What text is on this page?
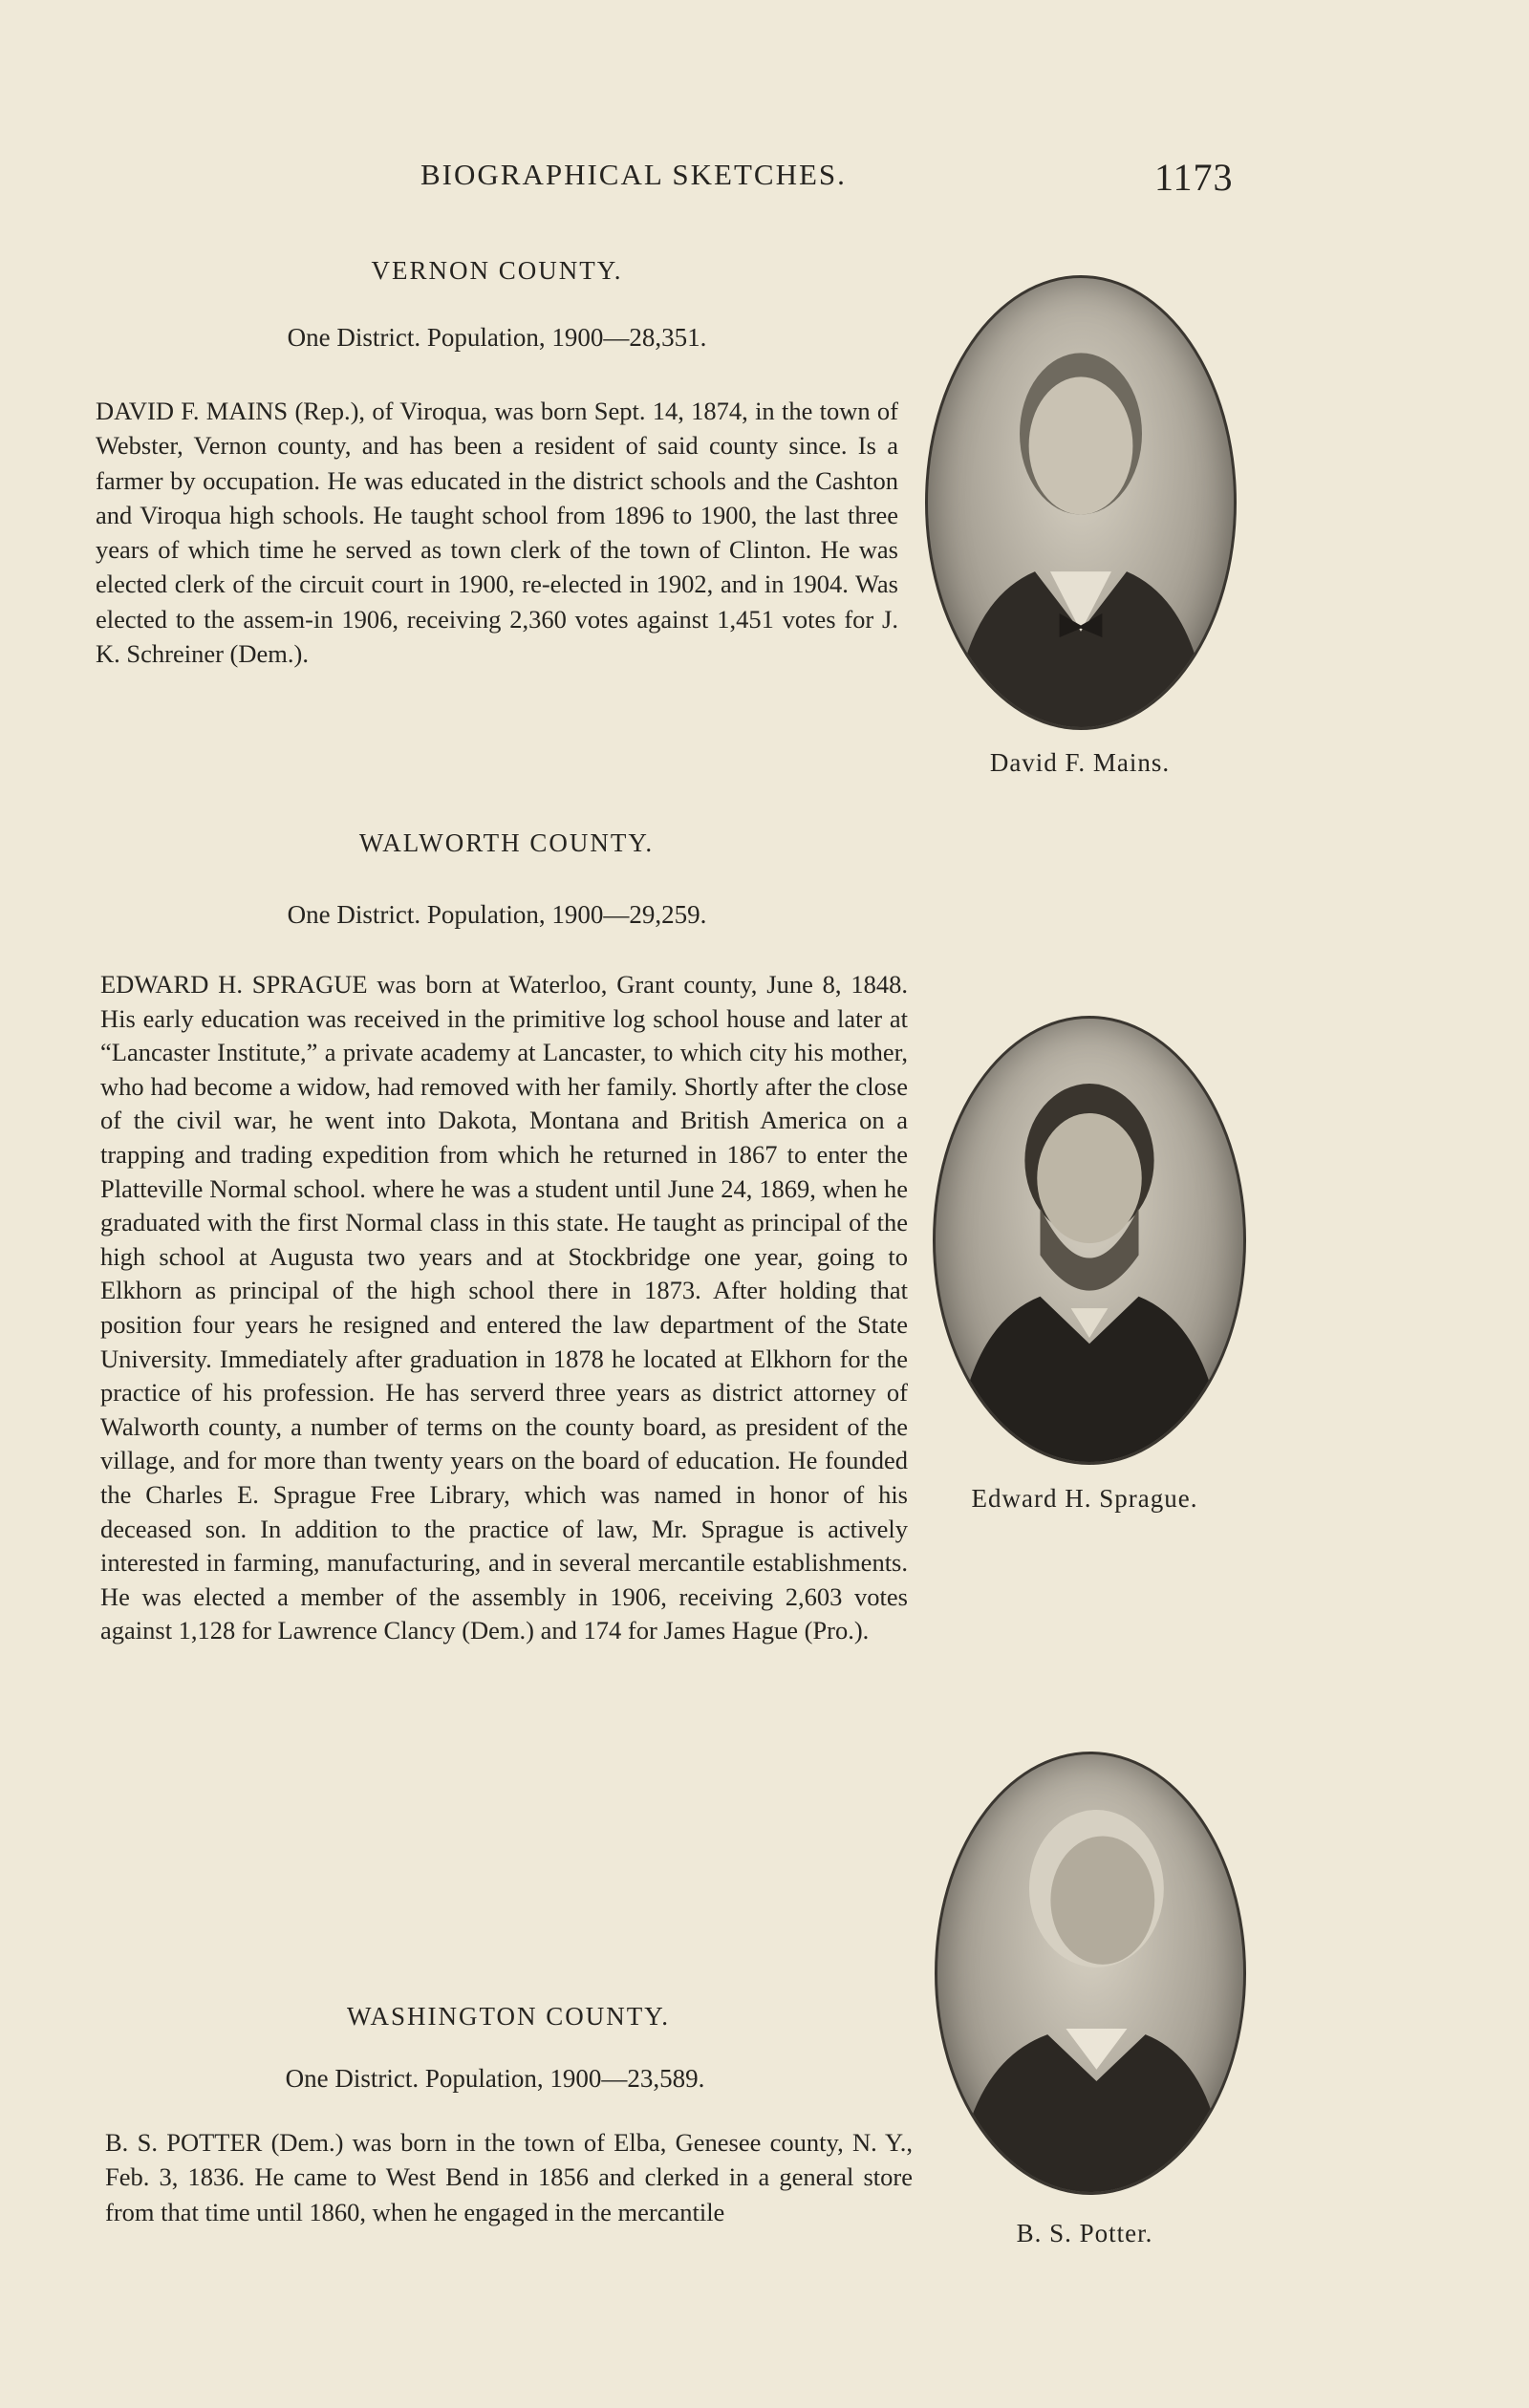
BIOGRAPHICAL SKETCHES.	1173
VERNON COUNTY.
One District. Population, 1900—28,351.

DAVID F. MAINS (Rep.), of Viroqua, was born Sept. 14, 1874, in the town of Webster, Vernon county, and has been a resident of said county since. Is a farmer by occupation. He was educated in the district schools and the Cashton and Viroqua high schools. He taught school from 1896 to 1900, the last three years of which time he served as town clerk of the town of Clinton. He was elected clerk of the circuit court in 1900, re-elected in 1902, and in 1904. Was elected to the assem-in 1906, receiving 2,360 votes against 1,451 votes for J. K. Schreiner (Dem.).

David F. Mains.
WALWORTH COUNTY.
One District. Population, 1900—29,259.

EDWARD H. SPRAGUE was born at Waterloo, Grant county, June 8, 1848. His early education was received in the primitive log school house and later at “Lancaster Institute,” a private academy at Lancaster, to which city his mother, who had become a widow, had removed with her family. Shortly after the close of the civil war, he went into Dakota, Montana and British America on a trapping and trading expedition from which he returned in 1867 to enter the Platteville Normal school. where he was a student until June 24, 1869, when he graduated with the first Normal class in this state. He taught as principal of the high school at Augusta two years and at Stockbridge one year, going to Elkhorn as principal of the high school there in 1873. After holding that position four years he resigned and entered the law department of the State University. Immediately after graduation in 1878 he located at Elkhorn for the practice of his profession. He has serverd three years as district attorney of Walworth county, a number of terms on the county board, as president of the village, and for more than twenty years on the board of education. He founded the Charles E. Sprague Free Library, which was named in honor of his deceased son. In addition to the practice of law, Mr. Sprague is actively interested in farming, manufacturing, and in several mercantile establishments. He was elected a member of the assembly in 1906, receiving 2,603 votes against 1,128 for Lawrence Clancy (Dem.) and 174 for James Hague (Pro.).

Edward H. Sprague.
WASHINGTON COUNTY.
One District. Population, 1900—23,589.

B. S. POTTER (Dem.) was born in the town of Elba, Genesee county, N. Y., Feb. 3, 1836. He came to West Bend in 1856 and clerked in a general store from that time until 1860, when he engaged in the mercantile

B. S. Potter.
